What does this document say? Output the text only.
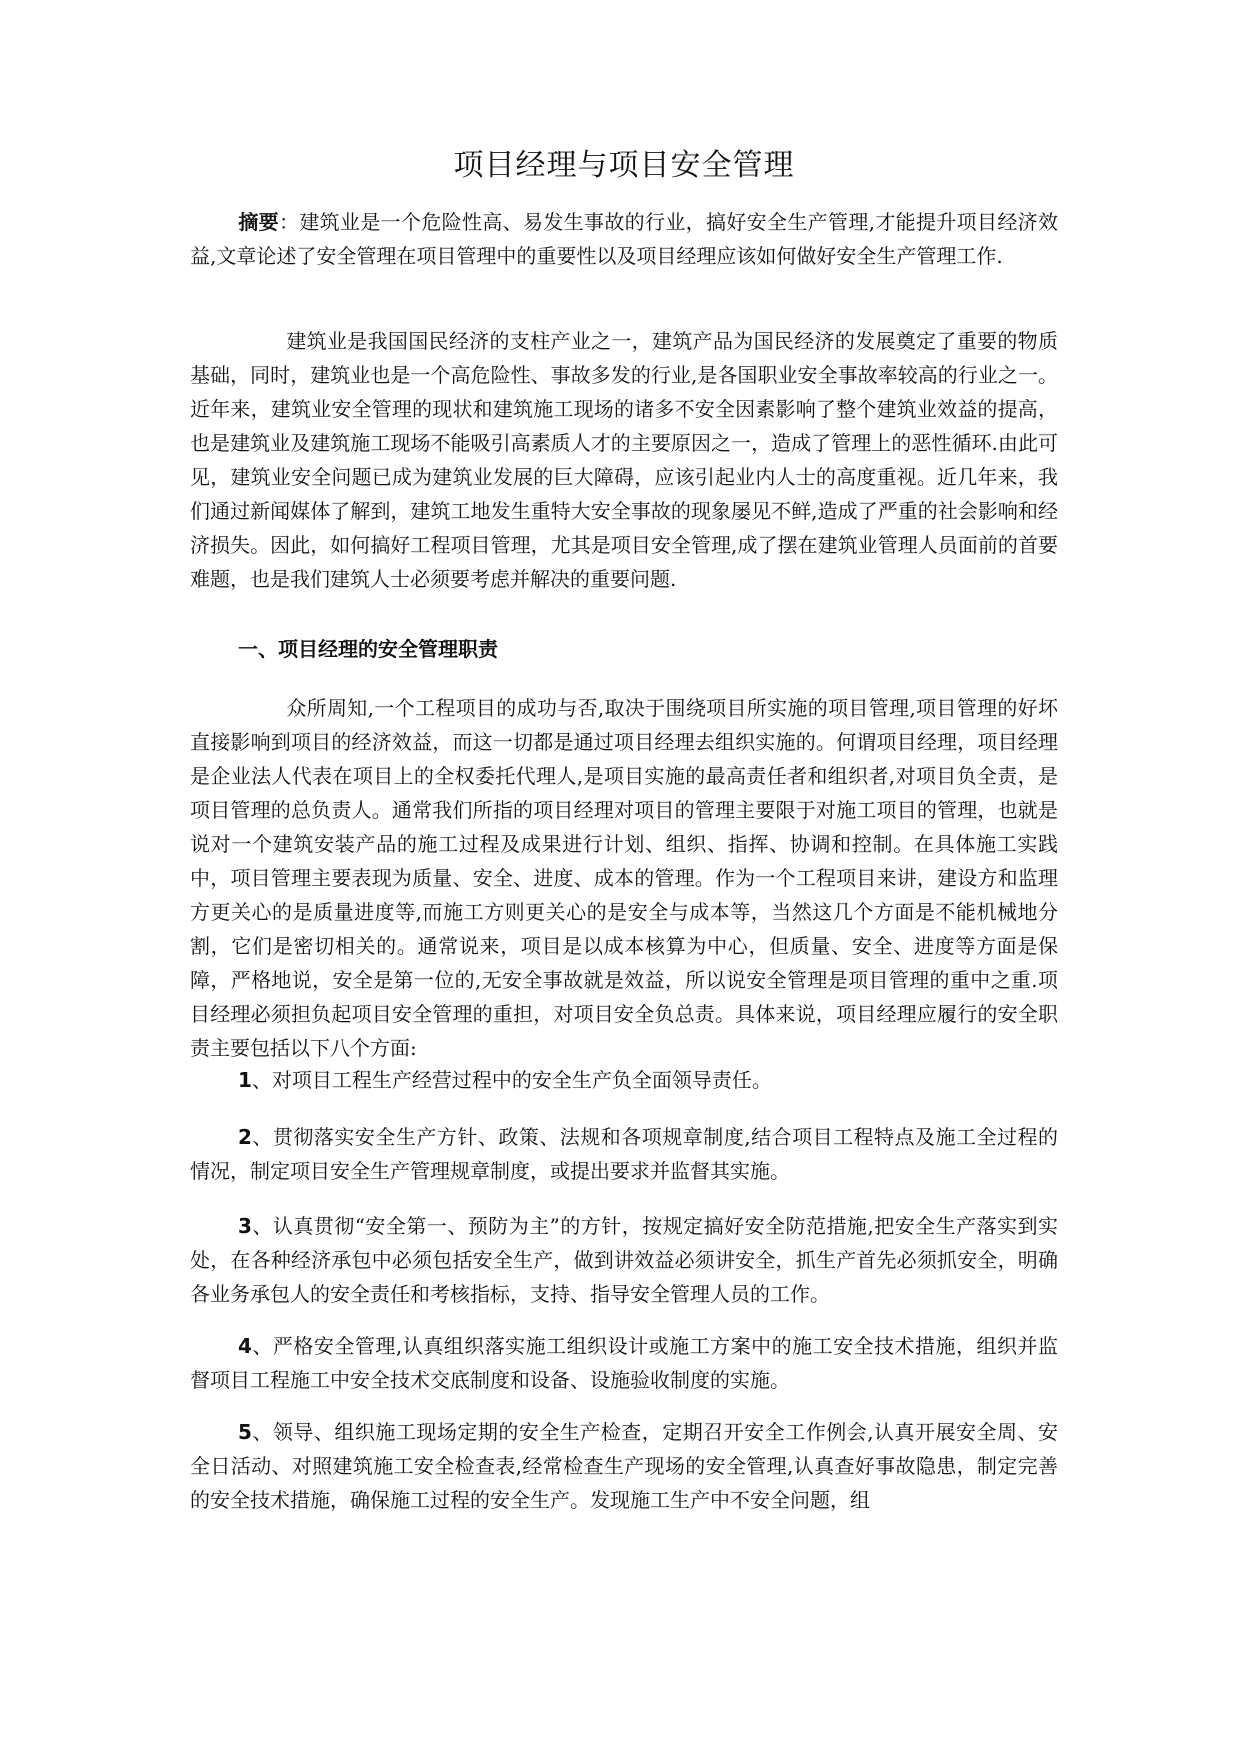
项目经理与项目安全管理
摘要：建筑业是一个危险性高、易发生事故的行业，搞好安全生产管理,才能提升项目经济效益,文章论述了安全管理在项目管理中的重要性以及项目经理应该如何做好安全生产管理工作.
建筑业是我国国民经济的支柱产业之一，建筑产品为国民经济的发展奠定了重要的物质基础，同时，建筑业也是一个高危险性、事故多发的行业,是各国职业安全事故率较高的行业之一。近年来，建筑业安全管理的现状和建筑施工现场的诸多不安全因素影响了整个建筑业效益的提高，也是建筑业及建筑施工现场不能吸引高素质人才的主要原因之一，造成了管理上的恶性循环.由此可见，建筑业安全问题已成为建筑业发展的巨大障碍，应该引起业内人士的高度重视。近几年来，我们通过新闻媒体了解到，建筑工地发生重特大安全事故的现象屡见不鲜,造成了严重的社会影响和经济损失。因此，如何搞好工程项目管理，尤其是项目安全管理,成了摆在建筑业管理人员面前的首要难题，也是我们建筑人士必须要考虑并解决的重要问题.
一、项目经理的安全管理职责
众所周知,一个工程项目的成功与否,取决于围绕项目所实施的项目管理,项目管理的好坏直接影响到项目的经济效益，而这一切都是通过项目经理去组织实施的。何谓项目经理，项目经理是企业法人代表在项目上的全权委托代理人,是项目实施的最高责任者和组织者,对项目负全责，是项目管理的总负责人。通常我们所指的项目经理对项目的管理主要限于对施工项目的管理，也就是说对一个建筑安装产品的施工过程及成果进行计划、组织、指挥、协调和控制。在具体施工实践中，项目管理主要表现为质量、安全、进度、成本的管理。作为一个工程项目来讲，建设方和监理方更关心的是质量进度等,而施工方则更关心的是安全与成本等，当然这几个方面是不能机械地分割，它们是密切相关的。通常说来，项目是以成本核算为中心，但质量、安全、进度等方面是保障，严格地说，安全是第一位的,无安全事故就是效益，所以说安全管理是项目管理的重中之重.项目经理必须担负起项目安全管理的重担，对项目安全负总责。具体来说，项目经理应履行的安全职责主要包括以下八个方面:
1、对项目工程生产经营过程中的安全生产负全面领导责任。
2、贯彻落实安全生产方针、政策、法规和各项规章制度,结合项目工程特点及施工全过程的情况，制定项目安全生产管理规章制度，或提出要求并监督其实施。
3、认真贯彻“安全第一、预防为主”的方针，按规定搞好安全防范措施,把安全生产落实到实处，在各种经济承包中必须包括安全生产，做到讲效益必须讲安全，抓生产首先必须抓安全，明确各业务承包人的安全责任和考核指标，支持、指导安全管理人员的工作。
4、严格安全管理,认真组织落实施工组织设计或施工方案中的施工安全技术措施，组织并监督项目工程施工中安全技术交底制度和设备、设施验收制度的实施。
5、领导、组织施工现场定期的安全生产检查，定期召开安全工作例会,认真开展安全周、安全日活动、对照建筑施工安全检查表,经常检查生产现场的安全管理,认真查好事故隐患，制定完善的安全技术措施，确保施工过程的安全生产。发现施工生产中不安全问题，组
